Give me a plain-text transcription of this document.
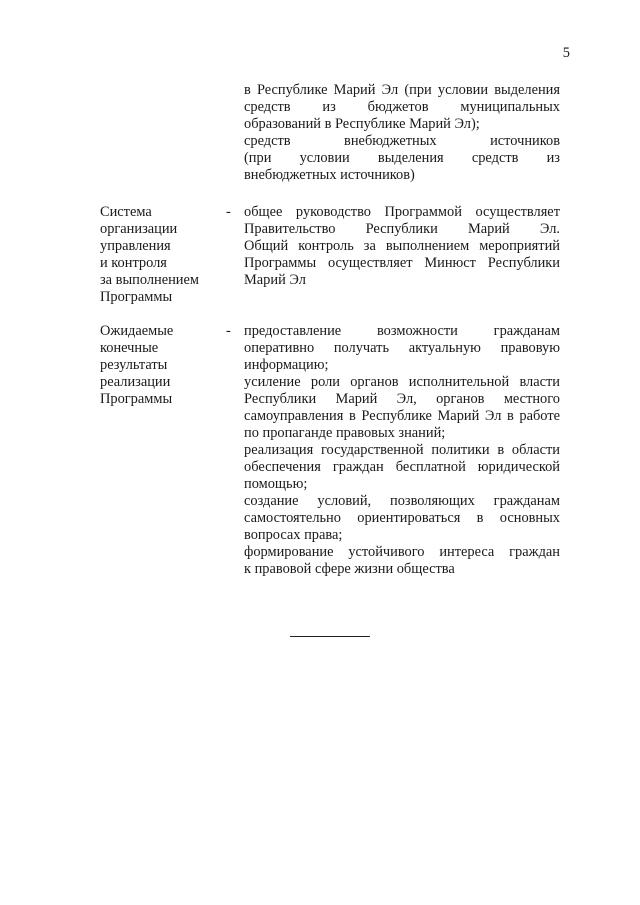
5
в Республике Марий Эл (при условии выделения
средств из бюджетов муниципальных
образований в Республике Марий Эл);
средств внебюджетных источников
(при условии выделения средств из
внебюджетных источников)
Система
организации
управления
и контроля
за выполнением
Программы
- общее руководство Программой осуществляет
Правительство Республики Марий Эл.
Общий контроль за выполнением мероприятий
Программы осуществляет Минюст Республики
Марий Эл
Ожидаемые
конечные
результаты
реализации
Программы
- предоставление возможности гражданам
оперативно получать актуальную правовую
информацию;
усиление роли органов исполнительной власти
Республики Марий Эл, органов местного
самоуправления в Республике Марий Эл в работе
по пропаганде правовых знаний;
реализация государственной политики в области
обеспечения граждан бесплатной юридической
помощью;
создание условий, позволяющих гражданам
самостоятельно ориентироваться в основных
вопросах права;
формирование устойчивого интереса граждан
к правовой сфере жизни общества
